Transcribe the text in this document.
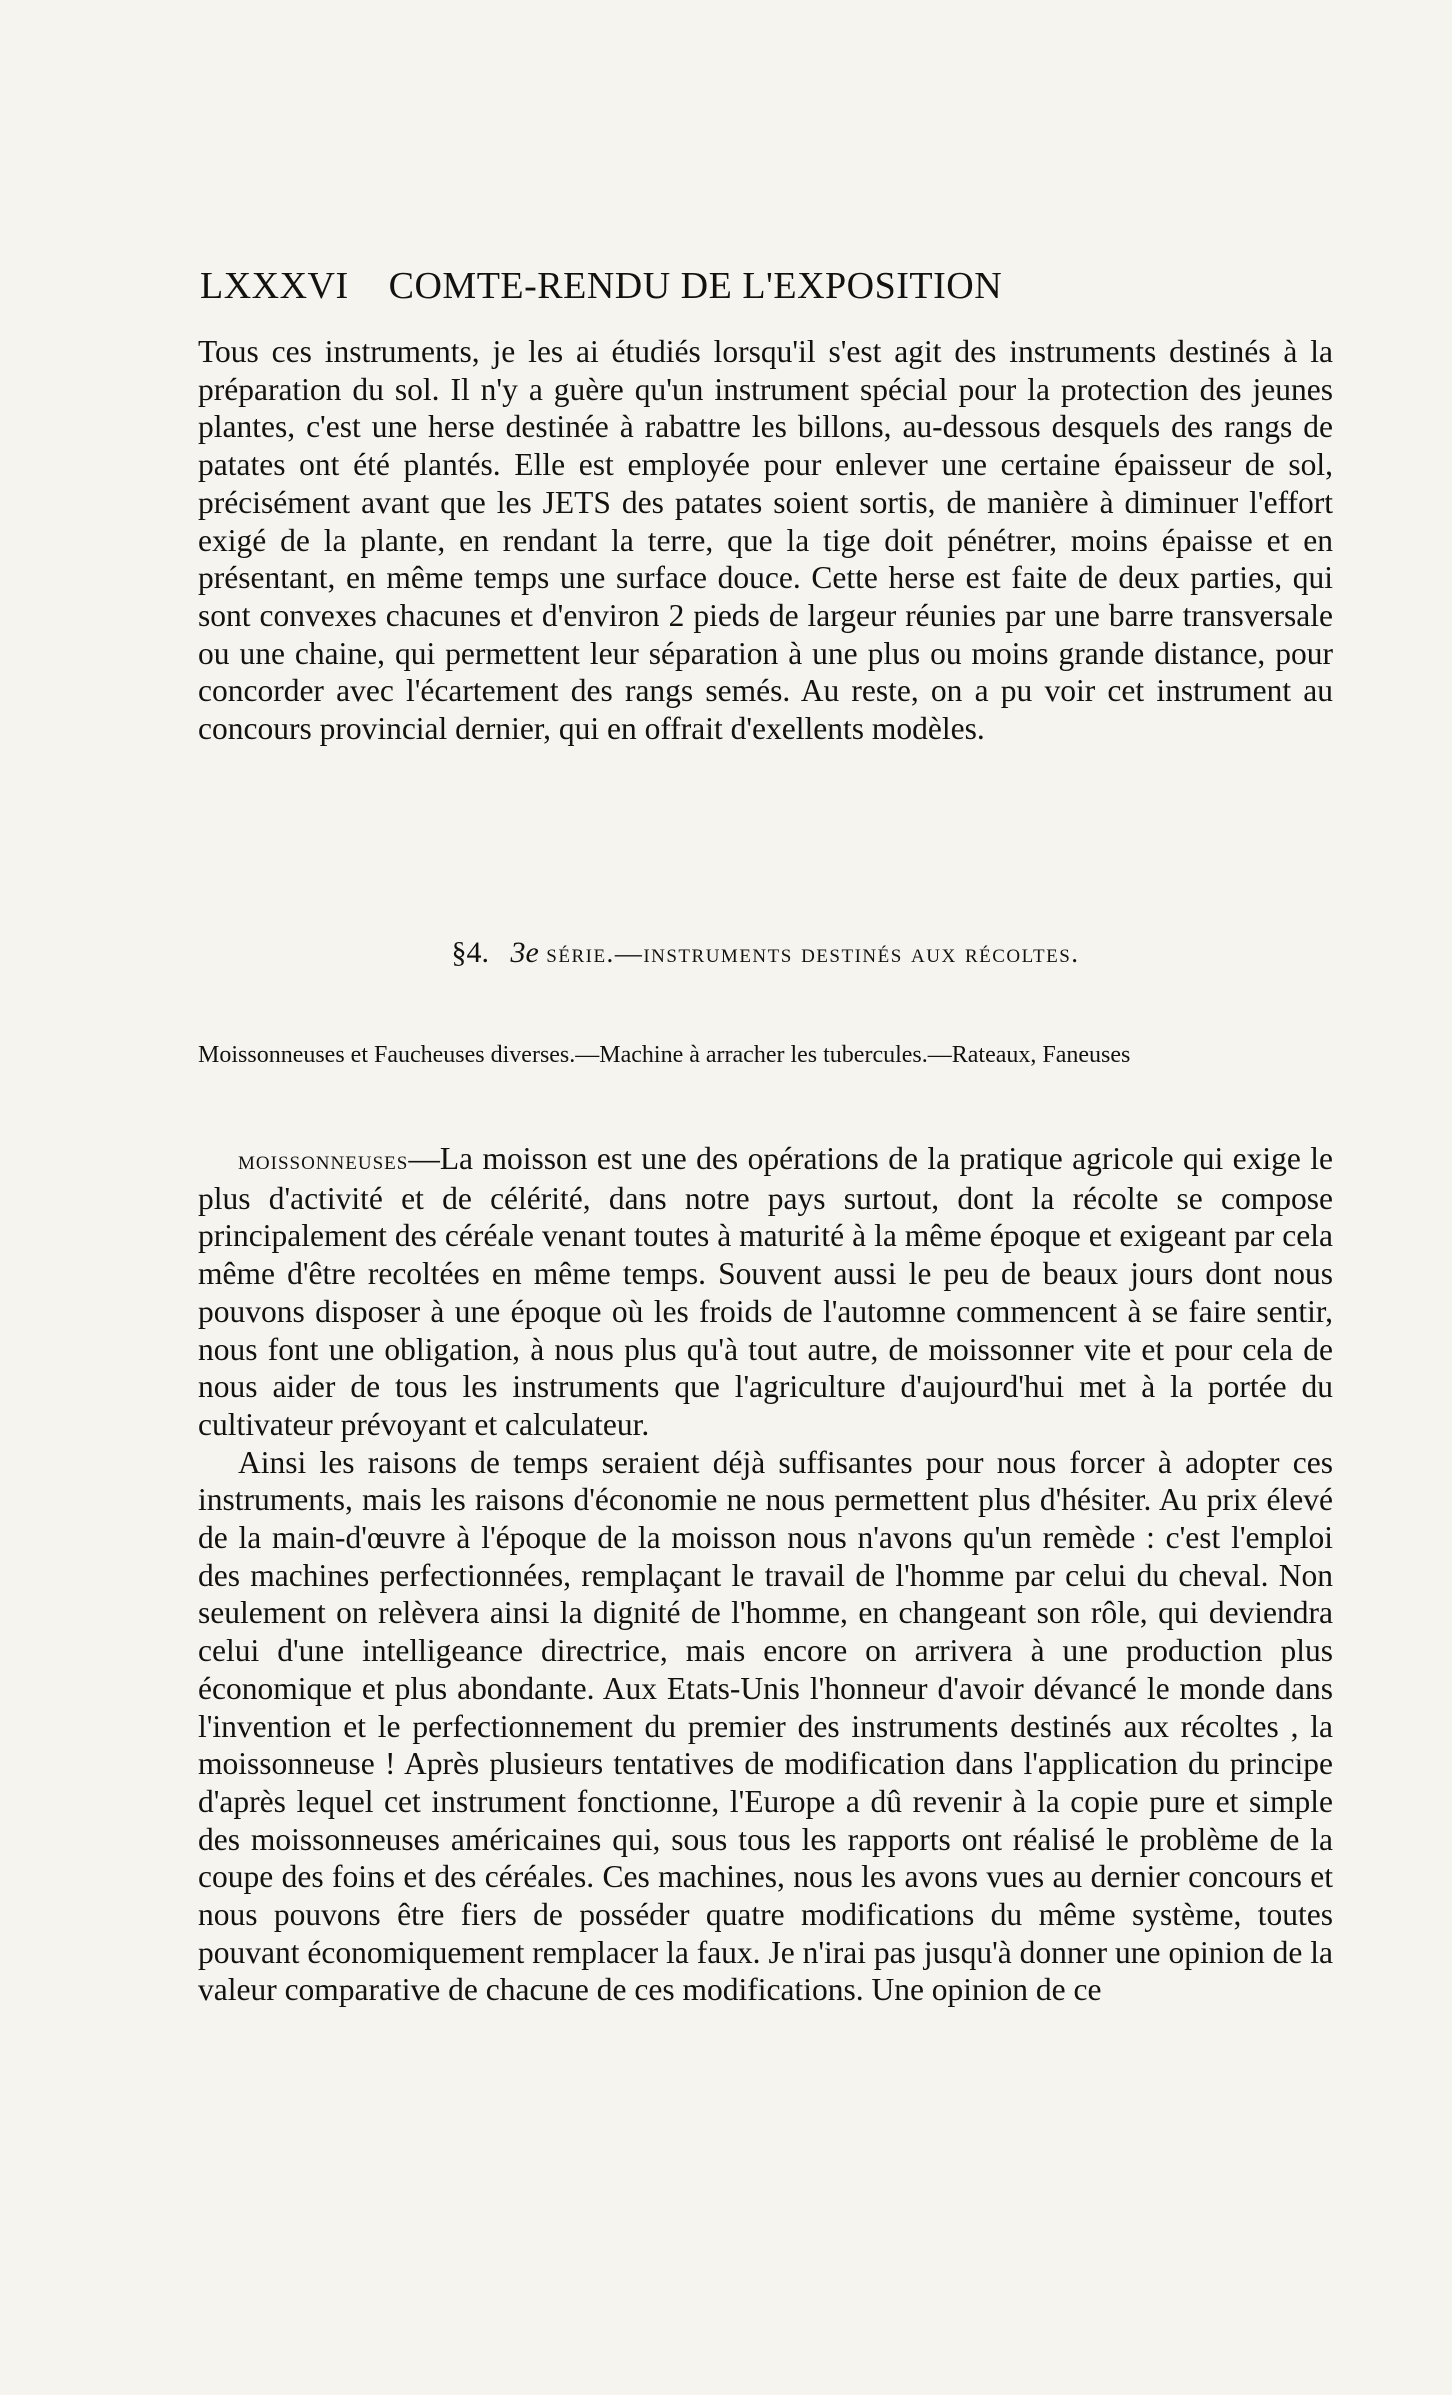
LXXXVI COMTE-RENDU DE L'EXPOSITION

Tous ces instruments, je les ai étudiés lorsqu'il s'est agit des instruments destinés à la préparation du sol. Il n'y a guère qu'un instrument spécial pour la protection des jeunes plantes, c'est une herse destinée à rabattre les billons, au-dessous desquels des rangs de patates ont été plantés. Elle est employée pour enlever une certaine épaisseur de sol, précisément avant que les JETS des patates soient sortis, de manière à diminuer l'effort exigé de la plante, en rendant la terre, que la tige doit pénétrer, moins épaisse et en présentant, en même temps une surface douce. Cette herse est faite de deux parties, qui sont convexes chacunes et d'environ 2 pieds de largeur réunies par une barre transversale ou une chaine, qui permettent leur séparation à une plus ou moins grande distance, pour concorder avec l'écartement des rangs semés. Au reste, on a pu voir cet instrument au concours provincial dernier, qui en offrait d'exellents modèles.

§4. 3e série.—instruments destinés aux récoltes.
Moissonneuses et Faucheuses diverses.—Machine à arracher les tubercules.—Rateaux, Faneuses

moissonneuses—La moisson est une des opérations de la pratique agricole qui exige le plus d'activité et de célérité, dans notre pays surtout, dont la récolte se compose principalement des céréale venant toutes à maturité à la même époque et exigeant par cela même d'être recoltées en même temps. Souvent aussi le peu de beaux jours dont nous pouvons disposer à une époque où les froids de l'automne commencent à se faire sentir, nous font une obligation, à nous plus qu'à tout autre, de moissonner vite et pour cela de nous aider de tous les instruments que l'agriculture d'aujourd'hui met à la portée du cultivateur prévoyant et calculateur.

Ainsi les raisons de temps seraient déjà suffisantes pour nous forcer à adopter ces instruments, mais les raisons d'économie ne nous permettent plus d'hésiter. Au prix élevé de la main-d'œuvre à l'époque de la moisson nous n'avons qu'un remède : c'est l'emploi des machines perfectionnées, remplaçant le travail de l'homme par celui du cheval. Non seulement on relèvera ainsi la dignité de l'homme, en changeant son rôle, qui deviendra celui d'une intelligeance directrice, mais encore on arrivera à une production plus économique et plus abondante. Aux Etats-Unis l'honneur d'avoir dévancé le monde dans l'invention et le perfectionnement du premier des instruments destinés aux récoltes , la moissonneuse ! Après plusieurs tentatives de modification dans l'application du principe d'après lequel cet instrument fonctionne, l'Europe a dû revenir à la copie pure et simple des moissonneuses américaines qui, sous tous les rapports ont réalisé le problème de la coupe des foins et des céréales. Ces machines, nous les avons vues au dernier concours et nous pouvons être fiers de posséder quatre modifications du même système, toutes pouvant économiquement remplacer la faux. Je n'irai pas jusqu'à donner une opinion de la valeur comparative de chacune de ces modifications. Une opinion de ce
